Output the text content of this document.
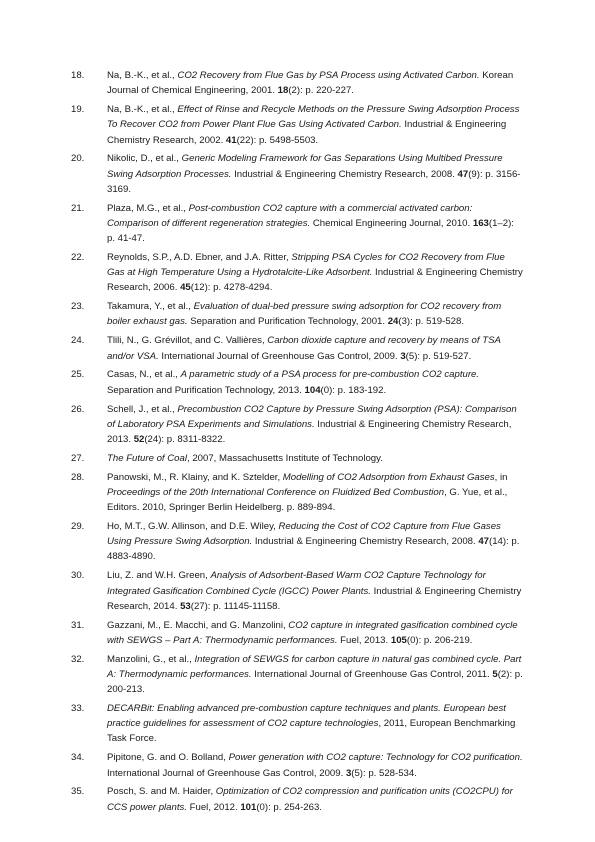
18. Na, B.-K., et al., CO2 Recovery from Flue Gas by PSA Process using Activated Carbon. Korean Journal of Chemical Engineering, 2001. 18(2): p. 220-227.
19. Na, B.-K., et al., Effect of Rinse and Recycle Methods on the Pressure Swing Adsorption Process To Recover CO2 from Power Plant Flue Gas Using Activated Carbon. Industrial & Engineering Chemistry Research, 2002. 41(22): p. 5498-5503.
20. Nikolic, D., et al., Generic Modeling Framework for Gas Separations Using Multibed Pressure Swing Adsorption Processes. Industrial & Engineering Chemistry Research, 2008. 47(9): p. 3156-3169.
21. Plaza, M.G., et al., Post-combustion CO2 capture with a commercial activated carbon: Comparison of different regeneration strategies. Chemical Engineering Journal, 2010. 163(1–2): p. 41-47.
22. Reynolds, S.P., A.D. Ebner, and J.A. Ritter, Stripping PSA Cycles for CO2 Recovery from Flue Gas at High Temperature Using a Hydrotalcite-Like Adsorbent. Industrial & Engineering Chemistry Research, 2006. 45(12): p. 4278-4294.
23. Takamura, Y., et al., Evaluation of dual-bed pressure swing adsorption for CO2 recovery from boiler exhaust gas. Separation and Purification Technology, 2001. 24(3): p. 519-528.
24. Tlili, N., G. Grévillot, and C. Vallières, Carbon dioxide capture and recovery by means of TSA and/or VSA. International Journal of Greenhouse Gas Control, 2009. 3(5): p. 519-527.
25. Casas, N., et al., A parametric study of a PSA process for pre-combustion CO2 capture. Separation and Purification Technology, 2013. 104(0): p. 183-192.
26. Schell, J., et al., Precombustion CO2 Capture by Pressure Swing Adsorption (PSA): Comparison of Laboratory PSA Experiments and Simulations. Industrial & Engineering Chemistry Research, 2013. 52(24): p. 8311-8322.
27. The Future of Coal, 2007, Massachusetts Institute of Technology.
28. Panowski, M., R. Klainy, and K. Sztelder, Modelling of CO2 Adsorption from Exhaust Gases, in Proceedings of the 20th International Conference on Fluidized Bed Combustion, G. Yue, et al., Editors. 2010, Springer Berlin Heidelberg. p. 889-894.
29. Ho, M.T., G.W. Allinson, and D.E. Wiley, Reducing the Cost of CO2 Capture from Flue Gases Using Pressure Swing Adsorption. Industrial & Engineering Chemistry Research, 2008. 47(14): p. 4883-4890.
30. Liu, Z. and W.H. Green, Analysis of Adsorbent-Based Warm CO2 Capture Technology for Integrated Gasification Combined Cycle (IGCC) Power Plants. Industrial & Engineering Chemistry Research, 2014. 53(27): p. 11145-11158.
31. Gazzani, M., E. Macchi, and G. Manzolini, CO2 capture in integrated gasification combined cycle with SEWGS – Part A: Thermodynamic performances. Fuel, 2013. 105(0): p. 206-219.
32. Manzolini, G., et al., Integration of SEWGS for carbon capture in natural gas combined cycle. Part A: Thermodynamic performances. International Journal of Greenhouse Gas Control, 2011. 5(2): p. 200-213.
33. DECARBit: Enabling advanced pre-combustion capture techniques and plants. European best practice guidelines for assessment of CO2 capture technologies, 2011, European Benchmarking Task Force.
34. Pipitone, G. and O. Bolland, Power generation with CO2 capture: Technology for CO2 purification. International Journal of Greenhouse Gas Control, 2009. 3(5): p. 528-534.
35. Posch, S. and M. Haider, Optimization of CO2 compression and purification units (CO2CPU) for CCS power plants. Fuel, 2012. 101(0): p. 254-263.
